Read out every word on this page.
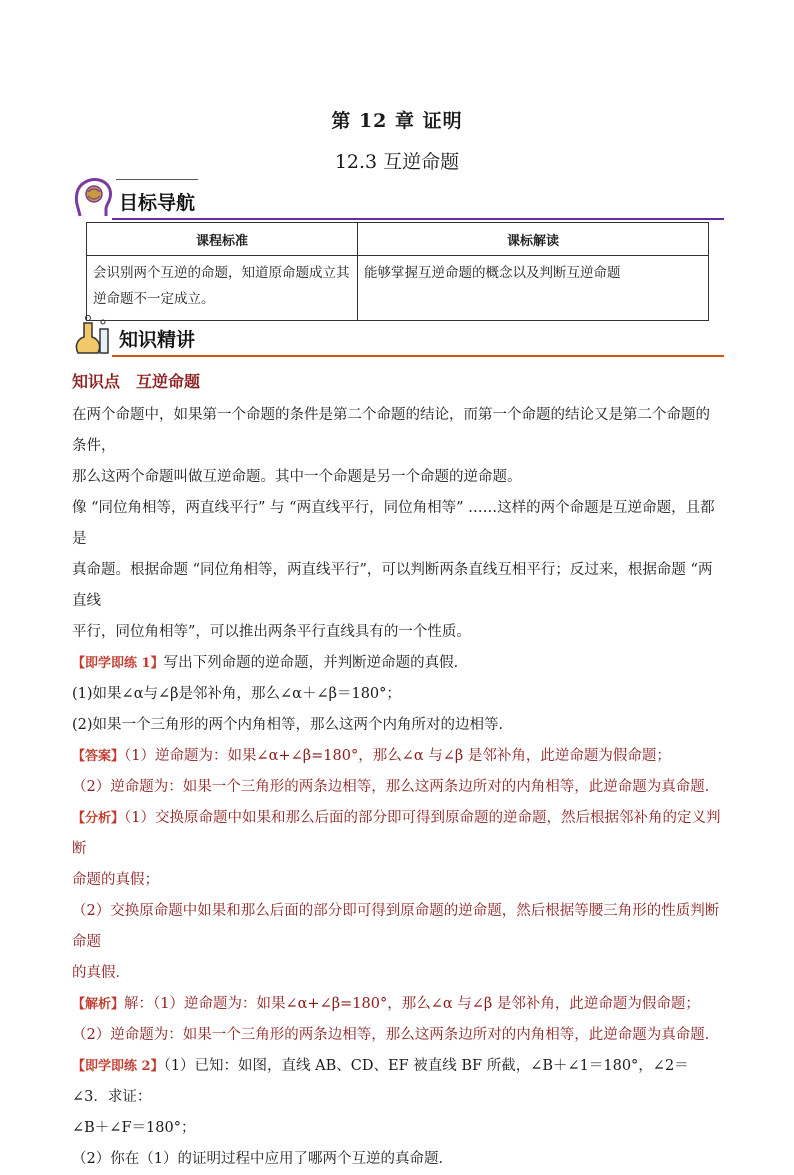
第 12 章 证明
12.3 互逆命题
目标导航
课程标准	课标解读
会识别两个互逆的命题，知道原命题成立其逆命题不一定成立。	能够掌握互逆命题的概念以及判断互逆命题
知识精讲
知识点 互逆命题
在两个命题中，如果第一个命题的条件是第二个命题的结论，而第一个命题的结论又是第二个命题的条件，
那么这两个命题叫做互逆命题。其中一个命题是另一个命题的逆命题。
像 “同位角相等，两直线平行” 与 “两直线平行，同位角相等” ……这样的两个命题是互逆命题，且都是
真命题。根据命题 “同位角相等，两直线平行”，可以判断两条直线互相平行；反过来，根据命题 “两直线
平行，同位角相等”，可以推出两条平行直线具有的一个性质。
【即学即练 1】写出下列命题的逆命题，并判断逆命题的真假．
(1)如果∠α与∠β是邻补角，那么∠α＋∠β＝180°；
(2)如果一个三角形的两个内角相等，那么这两个内角所对的边相等．
【答案】（1）逆命题为：如果∠α+∠β=180°，那么∠α 与∠β 是邻补角，此逆命题为假命题；
（2）逆命题为：如果一个三角形的两条边相等，那么这两条边所对的内角相等，此逆命题为真命题．
【分析】（1）交换原命题中如果和那么后面的部分即可得到原命题的逆命题，然后根据邻补角的定义判断
命题的真假；
（2）交换原命题中如果和那么后面的部分即可得到原命题的逆命题，然后根据等腰三角形的性质判断命题
的真假．
【解析】解：（1）逆命题为：如果∠α+∠β=180°，那么∠α 与∠β 是邻补角，此逆命题为假命题；
（2）逆命题为：如果一个三角形的两条边相等，那么这两条边所对的内角相等，此逆命题为真命题．
【即学即练 2】（1）已知：如图，直线 AB、CD、EF 被直线 BF 所截，∠B＋∠1＝180°，∠2＝∠3．求证：
∠B＋∠F＝180°；
（2）你在（1）的证明过程中应用了哪两个互逆的真命题．
